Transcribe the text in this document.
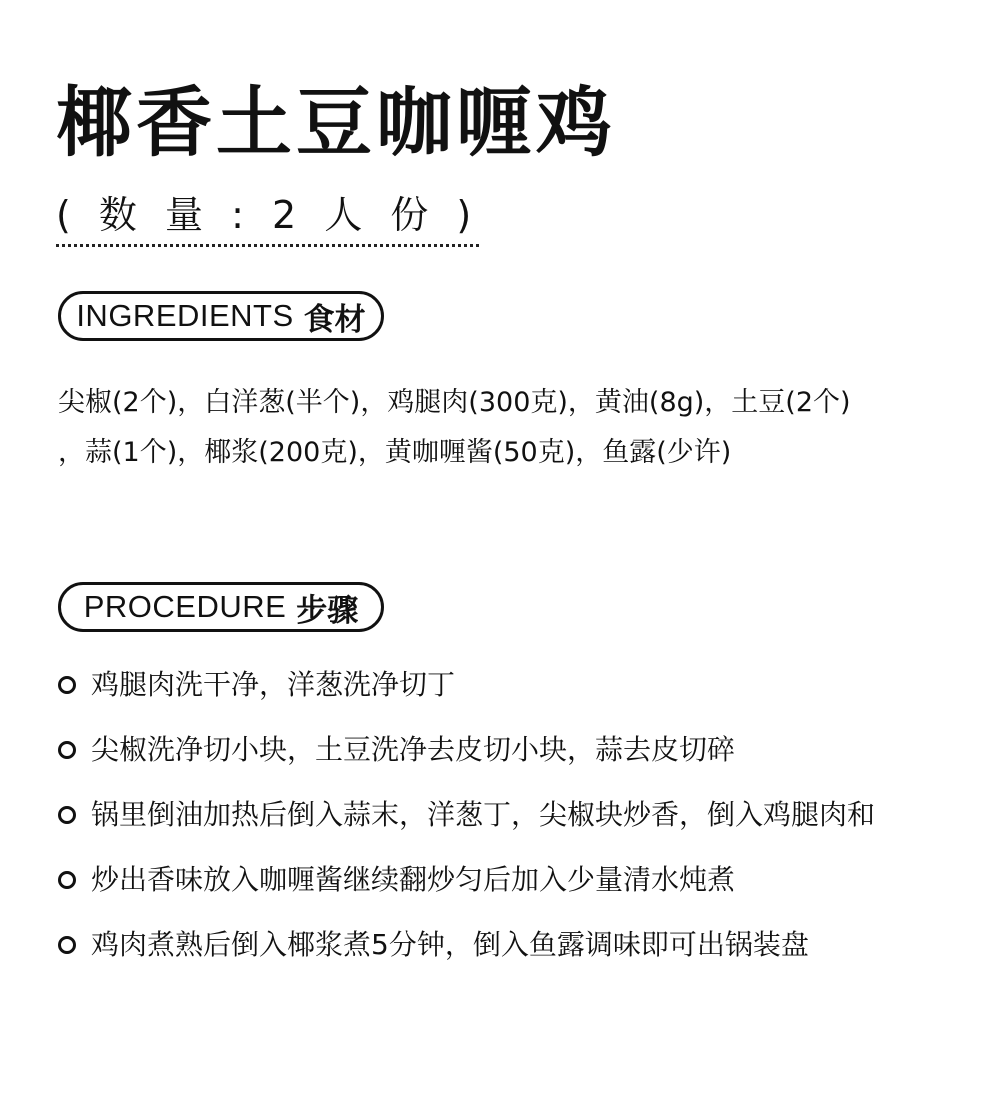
椰香土豆咖喱鸡
( 数 量 : 2 人 份 )
INGREDIENTS 食材
尖椒(2个)，白洋葱(半个)，鸡腿肉(300克)，黄油(8g)，土豆(2个)
，蒜(1个)，椰浆(200克)，黄咖喱酱(50克)，鱼露(少许)
PROCEDURE 步骤
鸡腿肉洗干净，洋葱洗净切丁
尖椒洗净切小块，土豆洗净去皮切小块，蒜去皮切碎
锅里倒油加热后倒入蒜末，洋葱丁，尖椒块炒香，倒入鸡腿肉和
炒出香味放入咖喱酱继续翻炒匀后加入少量清水炖煮
鸡肉煮熟后倒入椰浆煮5分钟，倒入鱼露调味即可出锅装盘
